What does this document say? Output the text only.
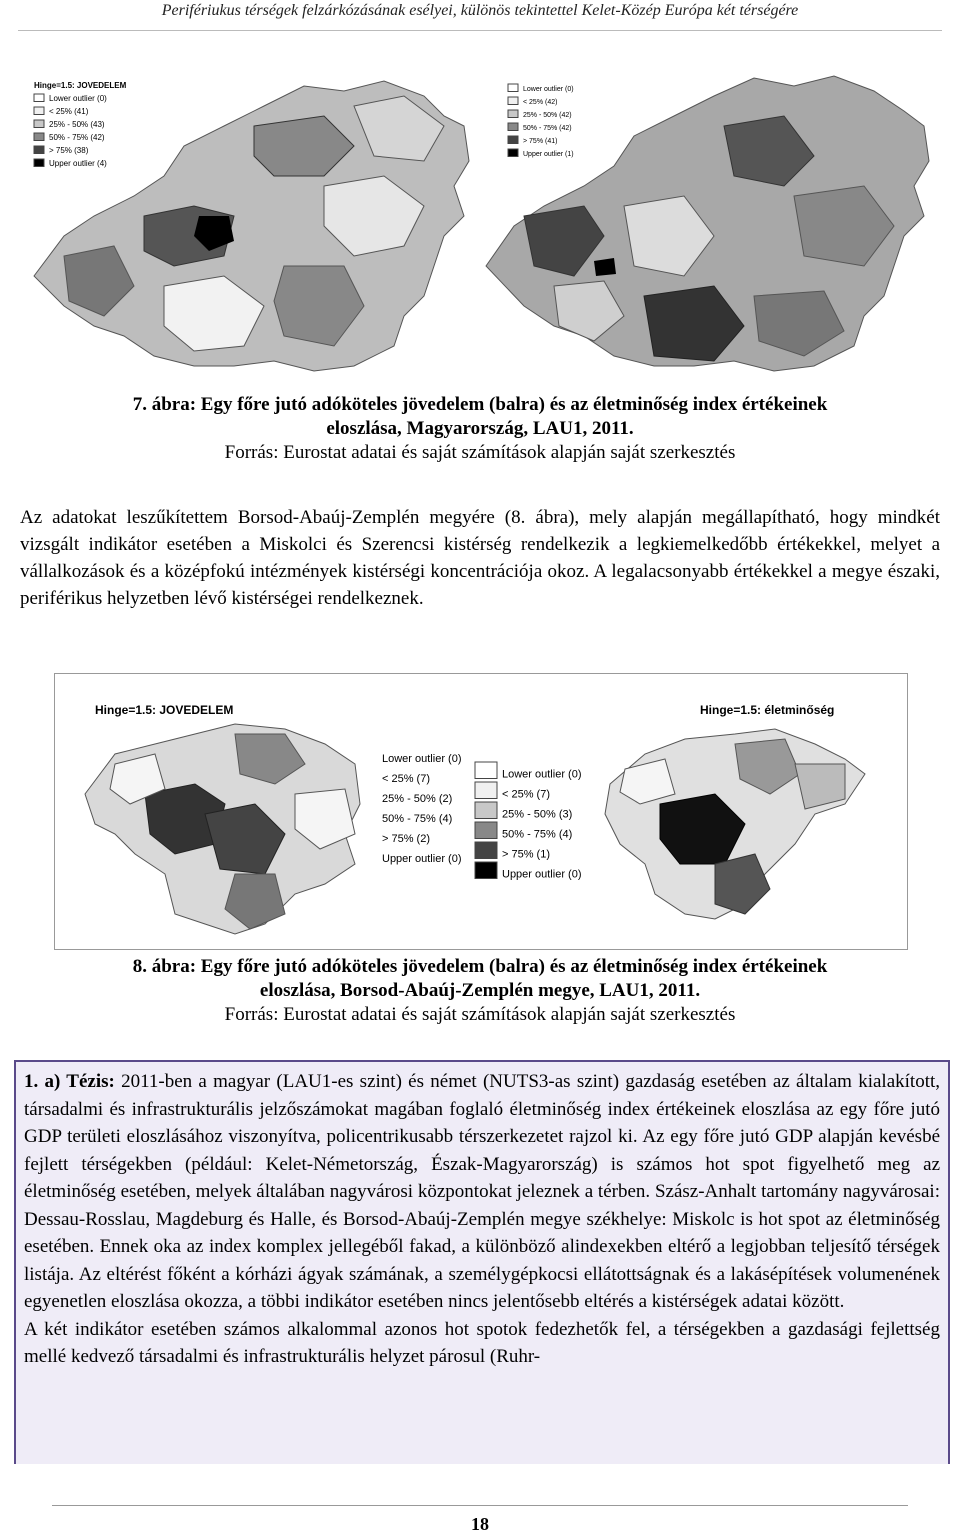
Perifériukus térségek felzárkózásának esélyei, különös tekintettel Kelet-Közép Európa két térségére
Hinge=1.5: JOVEDELEM
Lower outlier (0)
< 25% (41)
25% - 50% (43)
50% - 75% (42)
> 75% (38)
Upper outlier (4)
Lower outlier (0)
< 25% (42)
25% - 50% (42)
50% - 75% (42)
> 75% (41)
Upper outlier (1)
7. ábra: Egy főre jutó adóköteles jövedelem (balra) és az életminőség index értékeinek
eloszlása, Magyarország, LAU1, 2011.
Forrás: Eurostat adatai és saját számítások alapján saját szerkesztés
Az adatokat leszűkítettem Borsod-Abaúj-Zemplén megyére (8. ábra), mely alapján megállapítható, hogy mindkét vizsgált indikátor esetében a Miskolci és Szerencsi kistérség rendelkezik a legkiemelkedőbb értékekkel, melyet a vállalkozások és a középfokú intézmények kistérségi koncentrációja okoz. A legalacsonyabb értékekkel a megye északi, periférikus helyzetben lévő kistérségei rendelkeznek.
Hinge=1.5: JOVEDELEM	Hinge=1.5: életminőség
Lower outlier (0)
< 25% (7)
25% - 50% (2)
50% - 75% (4)
> 75% (2)
Upper outlier (0)
Lower outlier (0)
< 25% (7)
25% - 50% (3)
50% - 75% (4)
> 75% (1)
Upper outlier (0)
8. ábra: Egy főre jutó adóköteles jövedelem (balra) és az életminőség index értékeinek
eloszlása, Borsod-Abaúj-Zemplén megye, LAU1, 2011.
Forrás: Eurostat adatai és saját számítások alapján saját szerkesztés
1. a) Tézis: 2011-ben a magyar (LAU1-es szint) és német (NUTS3-as szint) gazdaság esetében az általam kialakított, társadalmi és infrastrukturális jelzőszámokat magában foglaló életminőség index értékeinek eloszlása az egy főre jutó GDP területi eloszlásához viszonyítva, policentrikusabb térszerkezetet rajzol ki. Az egy főre jutó GDP alapján kevésbé fejlett térségekben (például: Kelet-Németország, Észak-Magyarország) is számos hot spot figyelhető meg az életminőség esetében, melyek általában nagyvárosi központokat jeleznek a térben. Szász-Anhalt tartomány nagyvárosai: Dessau-Rosslau, Magdeburg és Halle, és Borsod-Abaúj-Zemplén megye székhelye: Miskolc is hot spot az életminőség esetében. Ennek oka az index komplex jellegéből fakad, a különböző alindexekben eltérő a legjobban teljesítő térségek listája. Az eltérést főként a kórházi ágyak számának, a személygépkocsi ellátottságnak és a lakásépítések volumenének egyenetlen eloszlása okozza, a többi indikátor esetében nincs jelentősebb eltérés a kistérségek adatai között.
A két indikátor esetében számos alkalommal azonos hot spotok fedezhetők fel, a térségekben a gazdasági fejlettség mellé kedvező társadalmi és infrastrukturális helyzet párosul (Ruhr-
18
